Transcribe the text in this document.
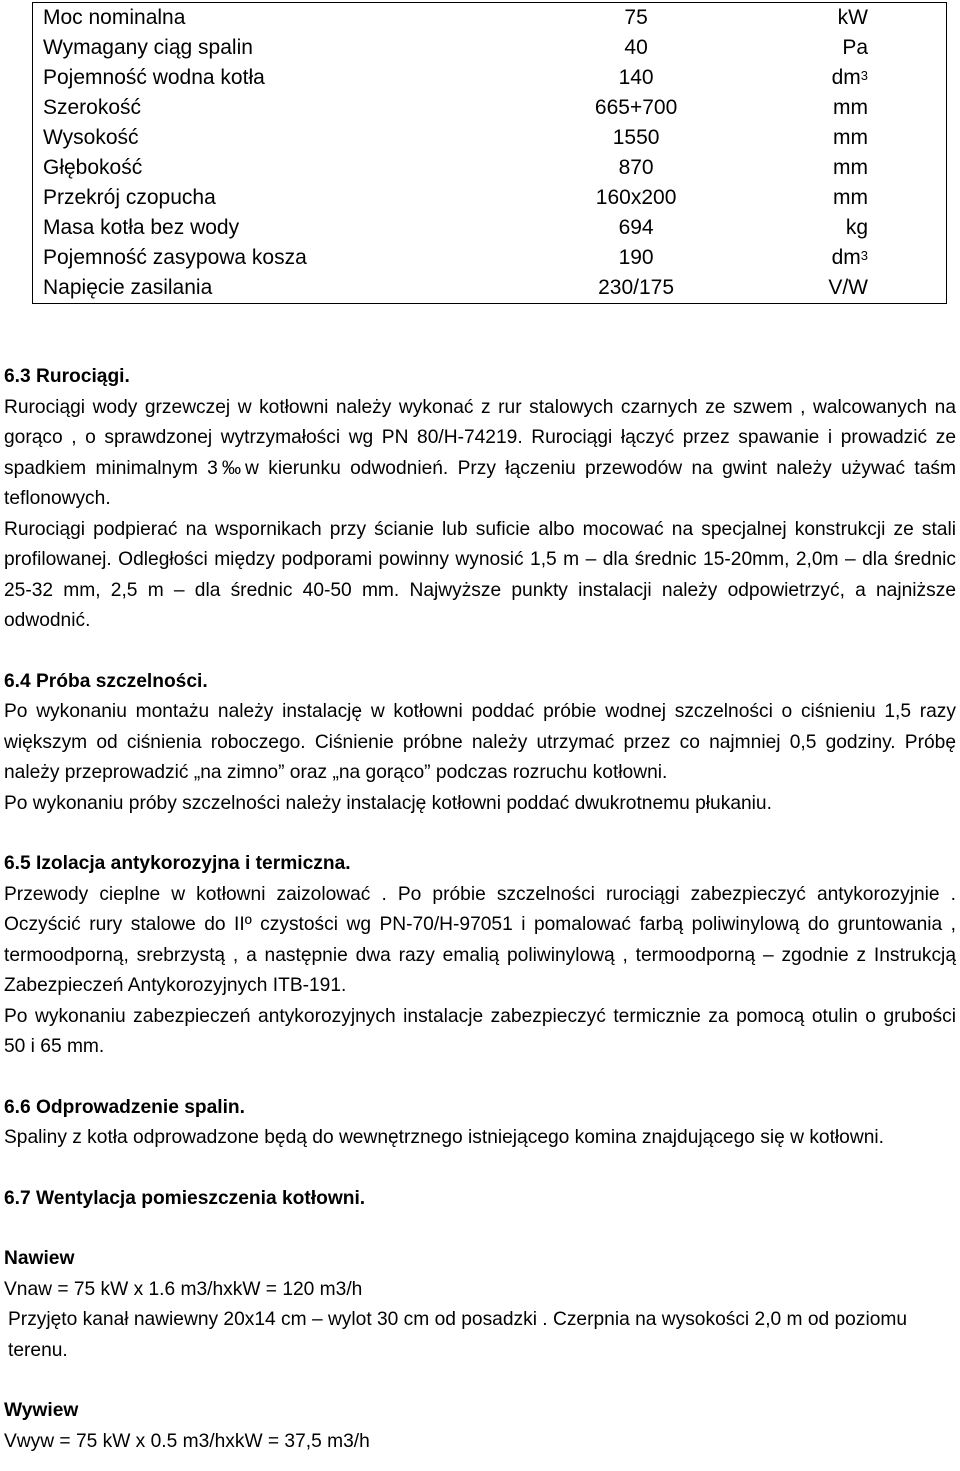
Moc nominalna	75	kW
Wymagany ciąg spalin	40	Pa
Pojemność wodna kotła	140	$dm^3$
Szerokość	665+700	mm
Wysokość	1550	mm
Głębokość	870	mm
Przekrój czopucha	160x200	mm
Masa kotła bez wody	694	kg
Pojemność zasypowa kosza	190	$dm^3$
Napięcie zasilania	230/175	V/W

6.3 Rurociągi.

Rurociągi wody grzewczej w kotłowni należy wykonać z rur stalowych czarnych ze szwem , walcowanych na gorąco , o sprawdzonej wytrzymałości wg PN 80/H-74219. Rurociągi łączyć przez spawanie i prowadzić ze spadkiem minimalnym 3‰w kierunku odwodnień. Przy łączeniu przewodów na gwint należy używać taśm teflonowych.

Rurociągi podpierać na wspornikach przy ścianie lub suficie albo mocować na specjalnej konstrukcji ze stali profilowanej. Odległości między podporami powinny wynosić 1,5 m – dla średnic 15-20mm, 2,0m – dla średnic 25-32 mm, 2,5 m – dla średnic 40-50 mm. Najwyższe punkty instalacji należy odpowietrzyć, a najniższe odwodnić.

6.4 Próba szczelności.

Po wykonaniu montażu należy instalację w kotłowni poddać próbie wodnej szczelności o ciśnieniu 1,5 razy większym od ciśnienia roboczego. Ciśnienie próbne należy utrzymać przez co najmniej 0,5 godziny. Próbę należy przeprowadzić „na zimno” oraz „na gorąco” podczas rozruchu kotłowni.

Po wykonaniu próby szczelności należy instalację kotłowni poddać dwukrotnemu płukaniu.

6.5 Izolacja antykorozyjna i termiczna.

Przewody cieplne w kotłowni zaizolować . Po próbie szczelności rurociągi zabezpieczyć antykorozyjnie . Oczyścić rury stalowe do IIº czystości wg PN-70/H-97051 i pomalować farbą poliwinylową do gruntowania , termoodporną, srebrzystą , a następnie dwa razy emalią poliwinylową , termoodporną – zgodnie z Instrukcją Zabezpieczeń Antykorozyjnych ITB-191.

Po wykonaniu zabezpieczeń antykorozyjnych instalacje zabezpieczyć termicznie za pomocą otulin o grubości 50 i 65 mm.

6.6 Odprowadzenie spalin.

Spaliny z kotła odprowadzone będą do wewnętrznego istniejącego komina znajdującego się w kotłowni.

6.7 Wentylacja pomieszczenia kotłowni.

Nawiew

Vnaw = 75 kW x 1.6 m3/hxkW = 120 m3/h

Przyjęto kanał nawiewny 20x14 cm – wylot 30 cm od posadzki . Czerpnia na wysokości 2,0 m od poziomu terenu.

Wywiew

Vwyw = 75 kW x 0.5 m3/hxkW = 37,5 m3/h
